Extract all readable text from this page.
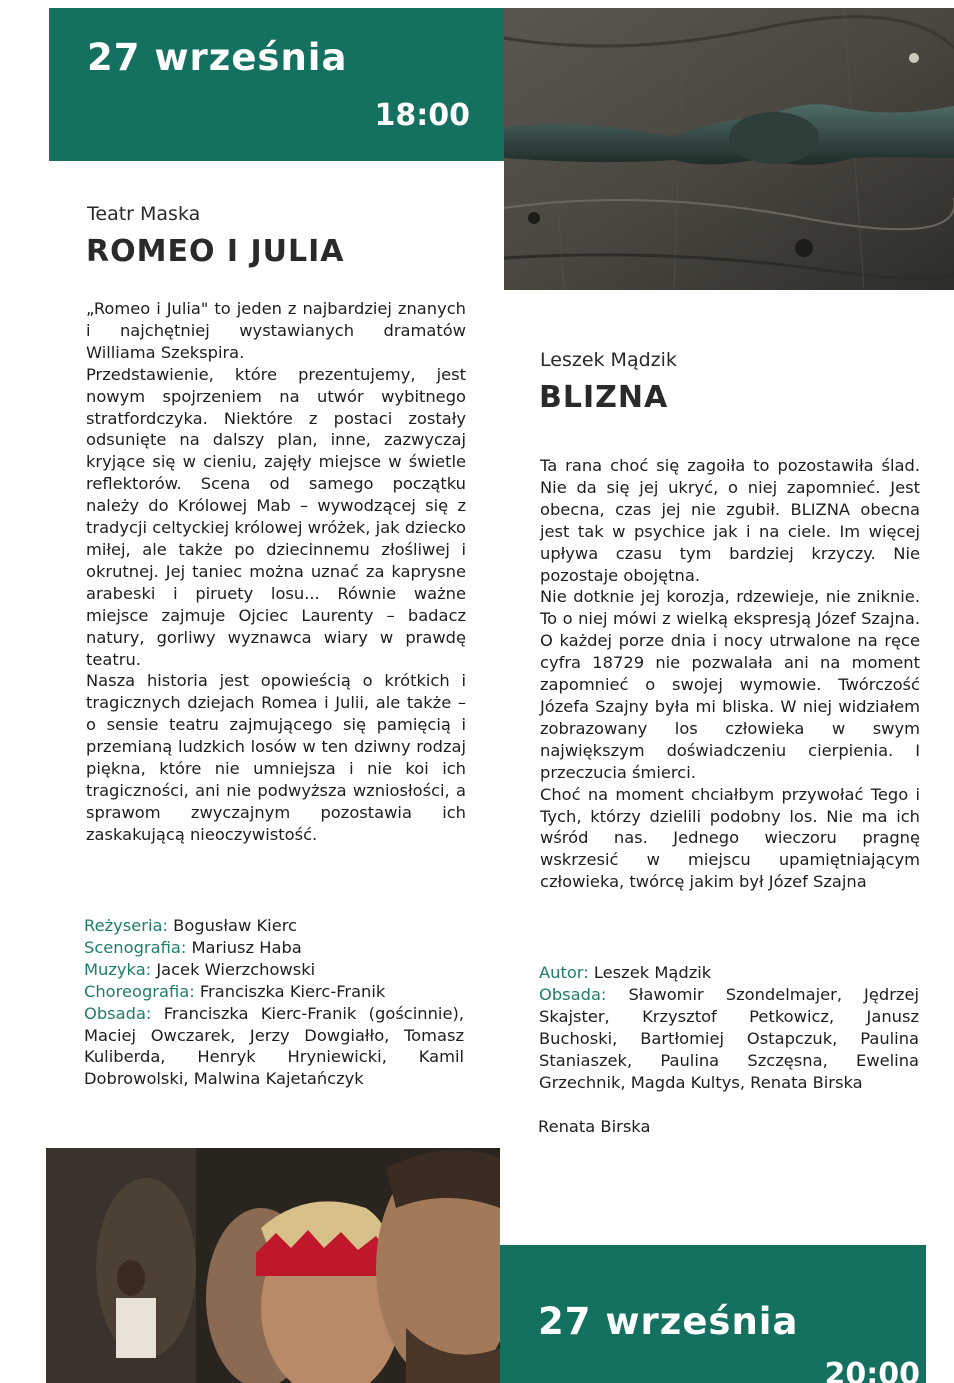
27 września
18:00
Teatr Maska
ROMEO I JULIA

„Romeo i Julia" to jeden z najbardziej znanych i najchętniej wystawianych dramatów Williama Szekspira.

Przedstawienie, które prezentujemy, jest nowym spojrzeniem na utwór wybitnego stratfordczyka. Niektóre z postaci zostały odsunięte na dalszy plan, inne, zazwyczaj kryjące się w cieniu, zajęły miejsce w świetle reflektorów. Scena od samego początku należy do Królowej Mab – wywodzącej się z tradycji celtyckiej królowej wróżek, jak dziecko miłej, ale także po dziecinnemu złośliwej i okrutnej. Jej taniec można uznać za kaprysne arabeski i piruety losu... Równie ważne miejsce zajmuje Ojciec Laurenty – badacz natury, gorliwy wyznawca wiary w prawdę teatru.

Nasza historia jest opowieścią o krótkich i tragicznych dziejach Romea i Julii, ale także – o sensie teatru zajmującego się pamięcią i przemianą ludzkich losów w ten dziwny rodzaj piękna, które nie umniejsza i nie koi ich tragiczności, ani nie podwyższa wzniosłości, a sprawom zwyczajnym pozostawia ich zaskakującą nieoczywistość.

Reżyseria: Bogusław Kierc

Scenografia: Mariusz Haba

Muzyka: Jacek Wierzchowski

Choreografia: Franciszka Kierc-Franik

Obsada: Franciszka Kierc-Franik (gościnnie), Maciej Owczarek, Jerzy Dowgiałło, Tomasz Kuliberda, Henryk Hryniewicki, Kamil Dobrowolski, Malwina Kajetańczyk

Leszek Mądzik
BLIZNA

Ta rana choć się zagoiła to pozostawiła ślad. Nie da się jej ukryć, o niej zapomnieć. Jest obecna, czas jej nie zgubił. BLIZNA obecna jest tak w psychice jak i na ciele. Im więcej upływa czasu tym bardziej krzyczy. Nie pozostaje obojętna.

Nie dotknie jej korozja, rdzewieje, nie zniknie. To o niej mówi z wielką ekspresją Józef Szajna. O każdej porze dnia i nocy utrwalone na ręce cyfra 18729 nie pozwalała ani na moment zapomnieć o swojej wymowie. Twórczość Józefa Szajny była mi bliska. W niej widziałem zobrazowany los człowieka w swym największym doświadczeniu cierpienia. I przeczucia śmierci.

Choć na moment chciałbym przywołać Tego i Tych, którzy dzielili podobny los. Nie ma ich wśród nas. Jednego wieczoru pragnę wskrzesić w miejscu upamiętniającym człowieka, twórcę jakim był Józef Szajna

Autor: Leszek Mądzik

Obsada: Sławomir Szondelmajer, Jędrzej Skajster, Krzysztof Petkowicz, Janusz Buchoski, Bartłomiej Ostapczuk, Paulina Staniaszek, Paulina Szczęsna, Ewelina Grzechnik, Magda Kultys, Renata Birska

Renata Birska
27 września
20:00
